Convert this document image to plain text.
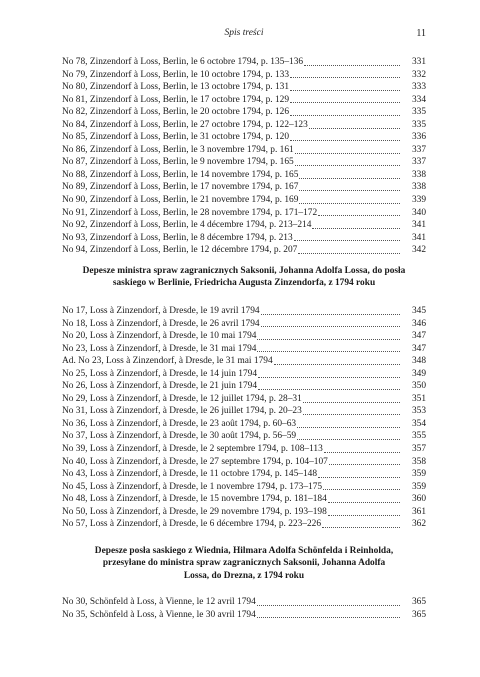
Spis treści	11
No 78, Zinzendorf à Loss, Berlin, le 6 octobre 1794, p. 135–136	331
No 79, Zinzendorf à Loss, Berlin, le 10 octobre 1794, p. 133	332
No 80, Zinzendorf à Loss, Berlin, le 13 octobre 1794, p. 131	333
No 81, Zinzendorf à Loss, Berlin, le 17 octobre 1794, p. 129	334
No 82, Zinzendorf à Loss, Berlin, le 20 octobre 1794, p. 126	335
No 84, Zinzendorf à Loss, Berlin, le 27 octobre 1794, p. 122–123	335
No 85, Zinzendorf à Loss, Berlin, le 31 octobre 1794, p. 120	336
No 86, Zinzendorf à Loss, Berlin, le 3 novembre 1794, p. 161	337
No 87, Zinzendorf à Loss, Berlin, le 9 novembre 1794, p. 165	337
No 88, Zinzendorf à Loss, Berlin, le 14 novembre 1794, p. 165	338
No 89, Zinzendorf à Loss, Berlin, le 17 novembre 1794, p. 167	338
No 90, Zinzendorf à Loss, Berlin, le 21 novembre 1794, p. 169	339
No 91, Zinzendorf à Loss, Berlin, le 28 novembre 1794, p. 171–172	340
No 92, Zinzendorf à Loss, Berlin, le 4 décembre 1794, p. 213–214	341
No 93, Zinzendorf à Loss, Berlin, le 8 décembre 1794, p. 213	341
No 94, Zinzendorf à Loss, Berlin, le 12 décembre 1794, p. 207	342
Depesze ministra spraw zagranicznych Saksonii, Johanna Adolfa Lossa, do posła
saskiego w Berlinie, Friedricha Augusta Zinzendorfa, z 1794 roku
No 17, Loss à Zinzendorf, à Dresde, le 19 avril 1794	345
No 18, Loss à Zinzendorf, à Dresde, le 26 avril 1794	346
No 20, Loss à Zinzendorf, à Dresde, le 10 mai 1794	347
No 23, Loss à Zinzendorf, à Dresde, le 31 mai 1794	347
Ad. No 23, Loss à Zinzendorf, à Dresde, le 31 mai 1794	348
No 25, Loss à Zinzendorf, à Dresde, le 14 juin 1794	349
No 26, Loss à Zinzendorf, à Dresde, le 21 juin 1794	350
No 29, Loss à Zinzendorf, à Dresde, le 12 juillet 1794, p. 28–31	351
No 31, Loss à Zinzendorf, à Dresde, le 26 juillet 1794, p. 20–23	353
No 36, Loss à Zinzendorf, à Dresde, le 23 août 1794, p. 60–63	354
No 37, Loss à Zinzendorf, à Dresde, le 30 août 1794, p. 56–59	355
No 39, Loss à Zinzendorf, à Dresde, le 2 septembre 1794, p. 108–113	357
No 40, Loss à Zinzendorf, à Dresde, le 27 septembre 1794, p. 104–107	358
No 43, Loss à Zinzendorf, à Dresde, le 11 octobre 1794, p. 145–148	359
No 45, Loss à Zinzendorf, à Dresde, le 1 novembre 1794, p. 173–175	359
No 48, Loss à Zinzendorf, à Dresde, le 15 novembre 1794, p. 181–184	360
No 50, Loss à Zinzendorf, à Dresde, le 29 novembre 1794, p. 193–198	361
No 57, Loss à Zinzendorf, à Dresde, le 6 décembre 1794, p. 223–226	362
Depesze posła saskiego z Wiednia, Hilmara Adolfa Schönfelda i Reinholda,
przesyłane do ministra spraw zagranicznych Saksonii, Johanna Adolfa
Lossa, do Drezna, z 1794 roku
No 30, Schönfeld à Loss, à Vienne, le 12 avril 1794	365
No 35, Schönfeld à Loss, à Vienne, le 30 avril 1794	365
